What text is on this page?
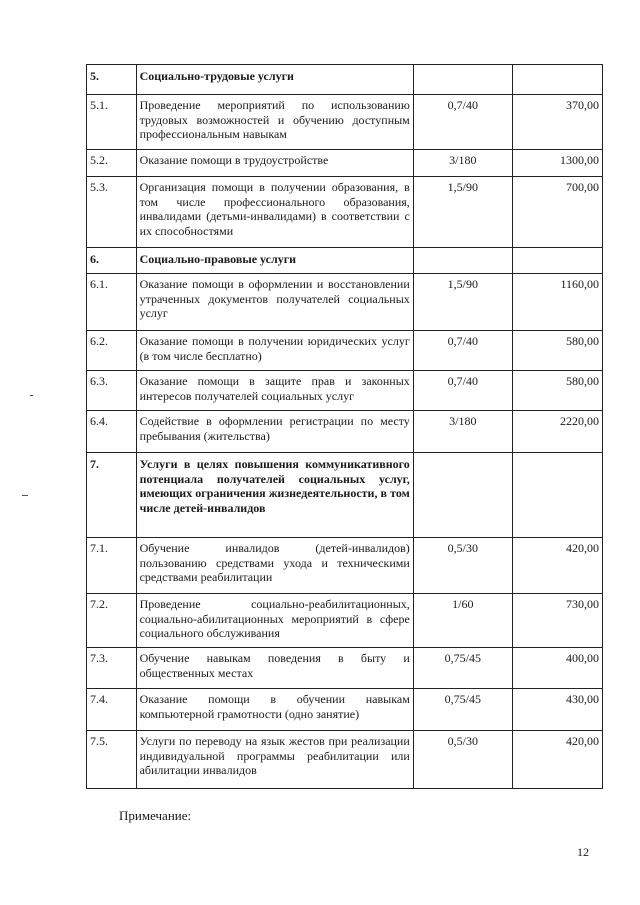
5.	Социально-трудовые услуги		
5.1.	Проведение мероприятий по использованию трудовых возможностей и обучению доступным профессиональным навыкам	0,7/40	370,00
5.2.	Оказание помощи в трудоустройстве	3/180	1300,00
5.3.	Организация помощи в получении образования, в том числе профессионального образования, инвалидами (детьми-инвалидами) в соответствии с их способностями	1,5/90	700,00
6.	Социально-правовые услуги		
6.1.	Оказание помощи в оформлении и восстановлении утраченных документов получателей социальных услуг	1,5/90	1160,00
6.2.	Оказание помощи в получении юридических услуг (в том числе бесплатно)	0,7/40	580,00
6.3.	Оказание помощи в защите прав и законных интересов получателей социальных услуг	0,7/40	580,00
6.4.	Содействие в оформлении регистрации по месту пребывания (жительства)	3/180	2220,00
7.	Услуги в целях повышения коммуникативного потенциала получателей социальных услуг, имеющих ограничения жизнедеятельности, в том числе детей-инвалидов		
7.1.	Обучение инвалидов (детей-инвалидов) пользованию средствами ухода и техническими средствами реабилитации	0,5/30	420,00
7.2.	Проведение социально-реабилитационных, социально-абилитационных мероприятий в сфере социального обслуживания	1/60	730,00
7.3.	Обучение навыкам поведения в быту и общественных местах	0,75/45	400,00
7.4.	Оказание помощи в обучении навыкам компьютерной грамотности (одно занятие)	0,75/45	430,00
7.5.	Услуги по переводу на язык жестов при реализации индивидуальной программы реабилитации или абилитации инвалидов	0,5/30	420,00
Примечание:
12
